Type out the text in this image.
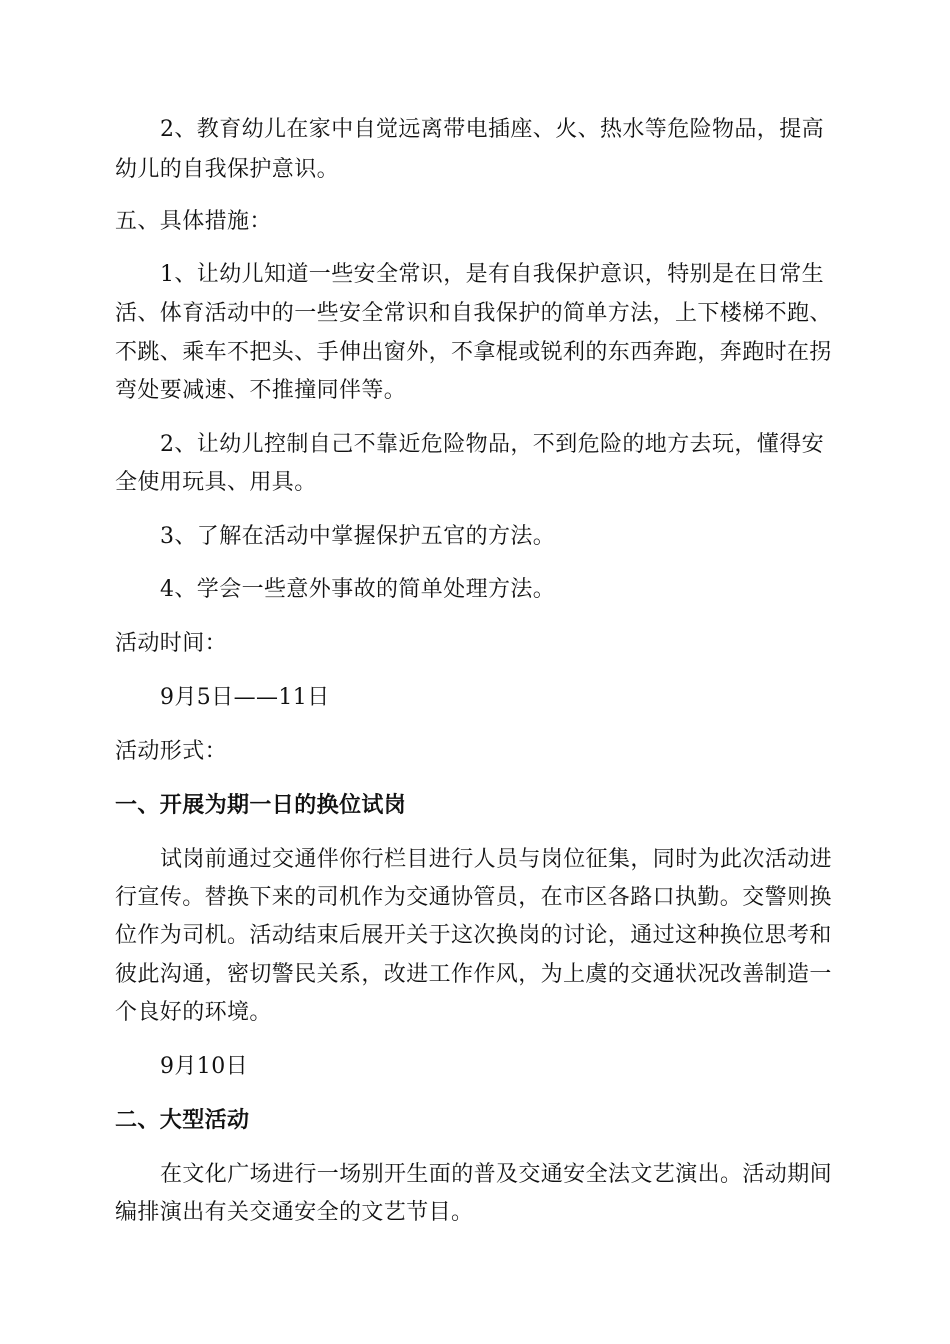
2、教育幼儿在家中自觉远离带电插座、火、热水等危险物品，提高
幼儿的自我保护意识。
五、具体措施：
1、让幼儿知道一些安全常识，是有自我保护意识，特别是在日常生
活、体育活动中的一些安全常识和自我保护的简单方法，上下楼梯不跑、
不跳、乘车不把头、手伸出窗外，不拿棍或锐利的东西奔跑，奔跑时在拐
弯处要减速、不推撞同伴等。
2、让幼儿控制自己不靠近危险物品，不到危险的地方去玩，懂得安
全使用玩具、用具。
3、了解在活动中掌握保护五官的方法。
4、学会一些意外事故的简单处理方法。
活动时间：
9月5日——11日
活动形式：
一、开展为期一日的换位试岗
试岗前通过交通伴你行栏目进行人员与岗位征集，同时为此次活动进
行宣传。替换下来的司机作为交通协管员，在市区各路口执勤。交警则换
位作为司机。活动结束后展开关于这次换岗的讨论，通过这种换位思考和
彼此沟通，密切警民关系，改进工作作风，为上虞的交通状况改善制造一
个良好的环境。
9月10日
二、大型活动
在文化广场进行一场别开生面的普及交通安全法文艺演出。活动期间
编排演出有关交通安全的文艺节目。
